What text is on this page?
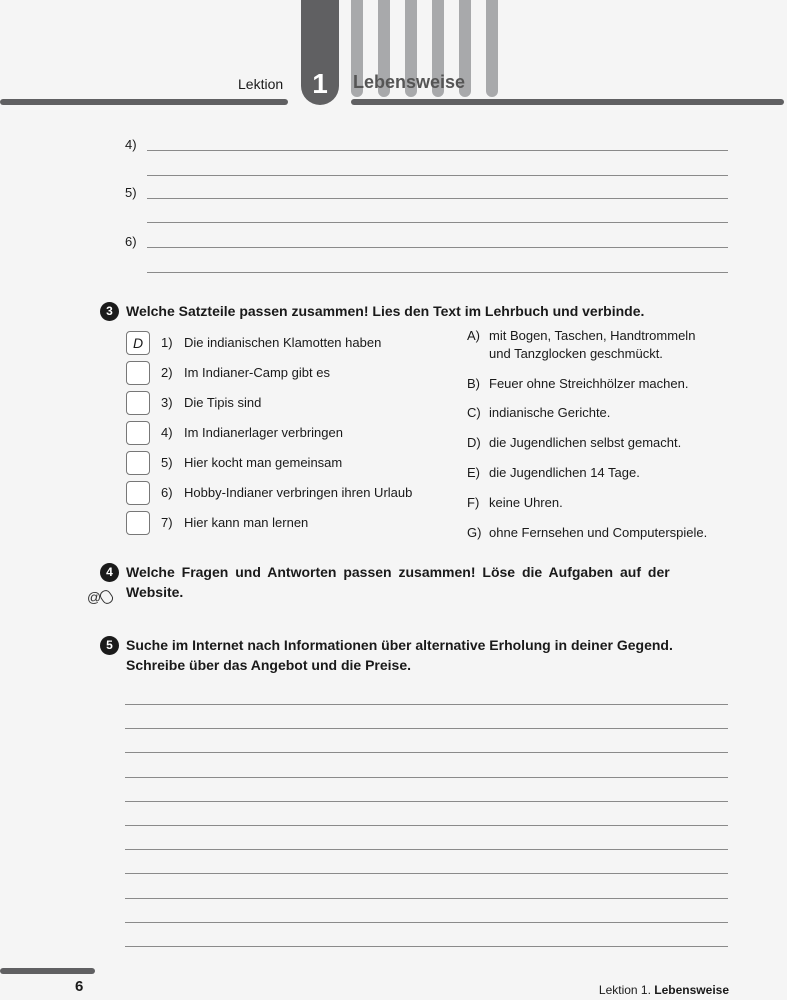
1
Lektion	Lebensweise
4)
5)
6)
3 Welche Satzteile passen zusammen! Lies den Text im Lehrbuch und verbinde.
D	1) Die indianischen Klamotten haben
2) Im Indianer-Camp gibt es
3) Die Tipis sind
4) Im Indianerlager verbringen
5) Hier kocht man gemeinsam
6) Hobby-Indianer verbringen ihren Urlaub
7) Hier kann man lernen
A) mit Bogen, Taschen, Handtrommeln
und Tanzglocken geschmückt.
B) Feuer ohne Streichhölzer machen.
C) indianische Gerichte.
D) die Jugendlichen selbst gemacht.
E) die Jugendlichen 14 Tage.
F) keine Uhren.
G) ohne Fernsehen und Computerspiele.
4 Welche Fragen und Antworten passen zusammen! Löse die Aufgaben auf der
Website.
@
5 Suche im Internet nach Informationen über alternative Erholung in deiner Gegend.
Schreibe über das Angebot und die Preise.
6	Lektion 1. Lebensweise
